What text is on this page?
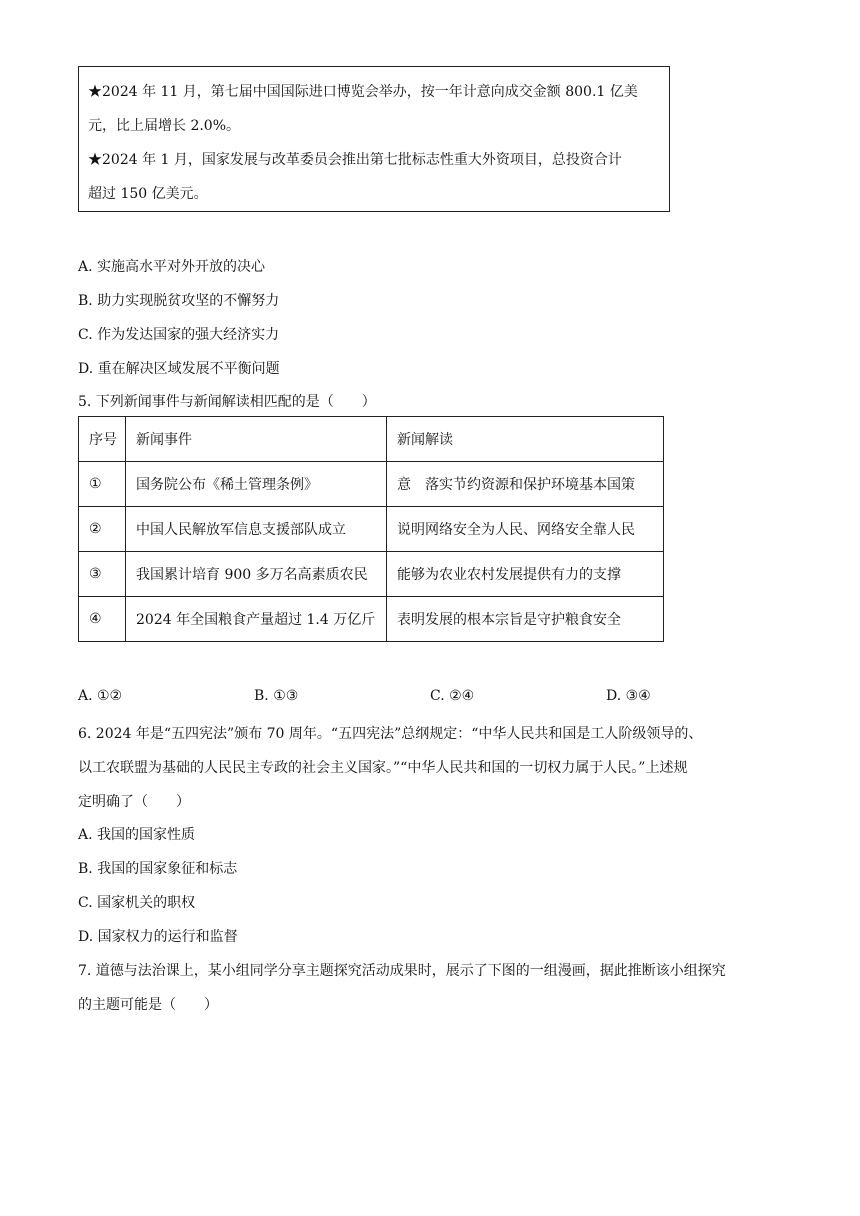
★2024 年 11 月，第七届中国国际进口博览会举办，按一年计意向成交金额 800.1 亿美
元，比上届增长 2.0%。
★2024 年 1 月，国家发展与改革委员会推出第七批标志性重大外资项目，总投资合计
超过 150 亿美元。
A. 实施高水平对外开放的决心
B. 助力实现脱贫攻坚的不懈努力
C. 作为发达国家的强大经济实力
D. 重在解决区域发展不平衡问题
5. 下列新闻事件与新闻解读相匹配的是（　　）
序号	新闻事件	新闻解读
①	国务院公布《稀土管理条例》	意　落实节约资源和保护环境基本国策
②	中国人民解放军信息支援部队成立	说明网络安全为人民、网络安全靠人民
③	我国累计培育 900 多万名高素质农民	能够为农业农村发展提供有力的支撑
④	2024 年全国粮食产量超过 1.4 万亿斤	表明发展的根本宗旨是守护粮食安全
A. ①②	B. ①③	C. ②④	D. ③④
6. 2024 年是“五四宪法”颁布 70 周年。“五四宪法”总纲规定：“中华人民共和国是工人阶级领导的、
以工农联盟为基础的人民民主专政的社会主义国家。”“中华人民共和国的一切权力属于人民。”上述规
定明确了（　　）
A. 我国的国家性质
B. 我国的国家象征和标志
C. 国家机关的职权
D. 国家权力的运行和监督
7. 道德与法治课上，某小组同学分享主题探究活动成果时，展示了下图的一组漫画，据此推断该小组探究
的主题可能是（　　）
